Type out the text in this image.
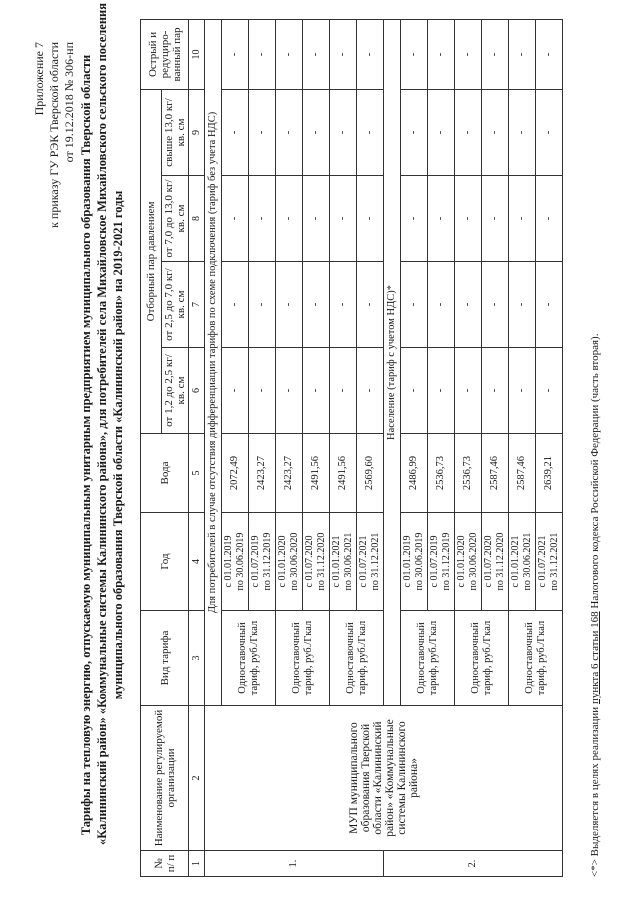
Приложение 7 к приказу ГУ РЭК Тверской области от 19.12.2018 № 306-нп Тарифы на тепловую энергию, отпускаемую муниципальным унитарным предприятием муниципального образования Тверской области «Калининский район» «Коммунальные системы Калининского района», для потребителей села Михайловское Михайловского сельского поселения муниципального образования Тверской области «Калининский район» на 2019-2021 годы
№ п/ п	Наименование регулируемой организации	Вид тарифа	Год	Вода	Отборный пар давлением				Острый и редуциро-ванный пар
					от 1,2 до 2,5 кг/кв. см	от 2,5 до 7,0 кг/кв. см	от 7,0 до 13,0 кг/кв. см	свыше 13,0 кг/кв. см	
1	2	3	4	5	6	7	8	9	10
1.	МУП муниципального образования Тверской области «Калининский район» «Коммунальные системы Калининского района»	Для потребителей в случае отсутствия дифференциации тарифов по схеме подключения (тариф без учета НДС)							
		Одноставочный тариф, руб./Гкал	с 01.01.2019 по 30.06.2019	2072,49	-	-	-	-	-

			с 01.07.2019 по 31.12.2019	2423,27	-	-	-	-	-
		Одноставочный тариф, руб./Гкал	с 01.01.2020 по 30.06.2020	2423,27	-	-	-	-	-

			с 01.07.2020 по 31.12.2020	2491,56	-	-	-	-	-
		Одноставочный тариф, руб./Гкал	с 01.01.2021 по 30.06.2021	2491,56	-	-	-	-	-

			с 01.07.2021 по 31.12.2021	2569,60	-	-	-	-	-
2.		Население (тариф с учетом НДС)*							
		Одноставочный тариф, руб./Гкал	с 01.01.2019 по 30.06.2019	2486,99	-	-	-	-	-

			с 01.07.2019 по 31.12.2019	2536,73	-	-	-	-	-
		Одноставочный тариф, руб./Гкал	с 01.01.2020 по 30.06.2020	2536,73	-	-	-	-	-

			с 01.07.2020 по 31.12.2020	2587,46	-	-	-	-	-
		Одноставочный тариф, руб./Гкал	с 01.01.2021 по 30.06.2021	2587,46	-	-	-	-	-

			с 01.07.2021 по 31.12.2021	2639,21	-	-	-	-	-
<*> Выделяется в целях реализации пункта 6 статьи 168 Налогового кодекса Российской Федерации (часть вторая).
